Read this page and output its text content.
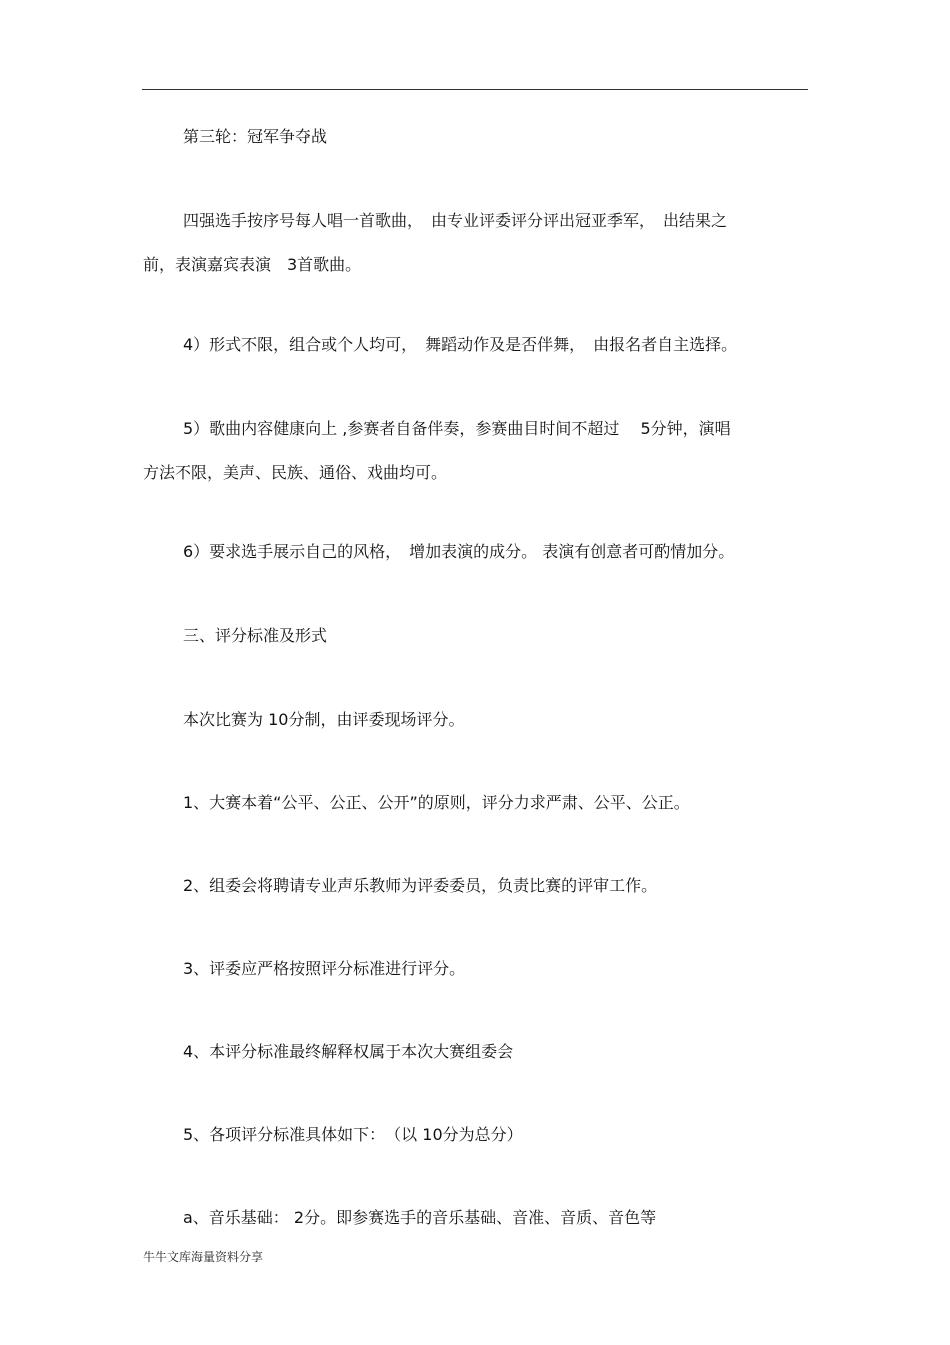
第三轮：冠军争夺战
四强选手按序号每人唱一首歌曲，　由专业评委评分评出冠亚季军，　出结果之
前，表演嘉宾表演　3首歌曲。
4）形式不限，组合或个人均可，　舞蹈动作及是否伴舞，　由报名者自主选择。
5）歌曲内容健康向上 ,参赛者自备伴奏，参赛曲目时间不超过　 5分钟，演唱
方法不限，美声、民族、通俗、戏曲均可。
6）要求选手展示自己的风格，　增加表演的成分。 表演有创意者可酌情加分。
三、评分标准及形式
本次比赛为 10分制，由评委现场评分。
1、大赛本着“公平、公正、公开”的原则，评分力求严肃、公平、公正。
2、组委会将聘请专业声乐教师为评委委员，负责比赛的评审工作。
3、评委应严格按照评分标准进行评分。
4、本评分标准最终解释权属于本次大赛组委会
5、各项评分标准具体如下：　（以 10分为总分）
a、音乐基础： 2分。即参赛选手的音乐基础、音准、音质、音色等
牛牛文库海量资料分享
